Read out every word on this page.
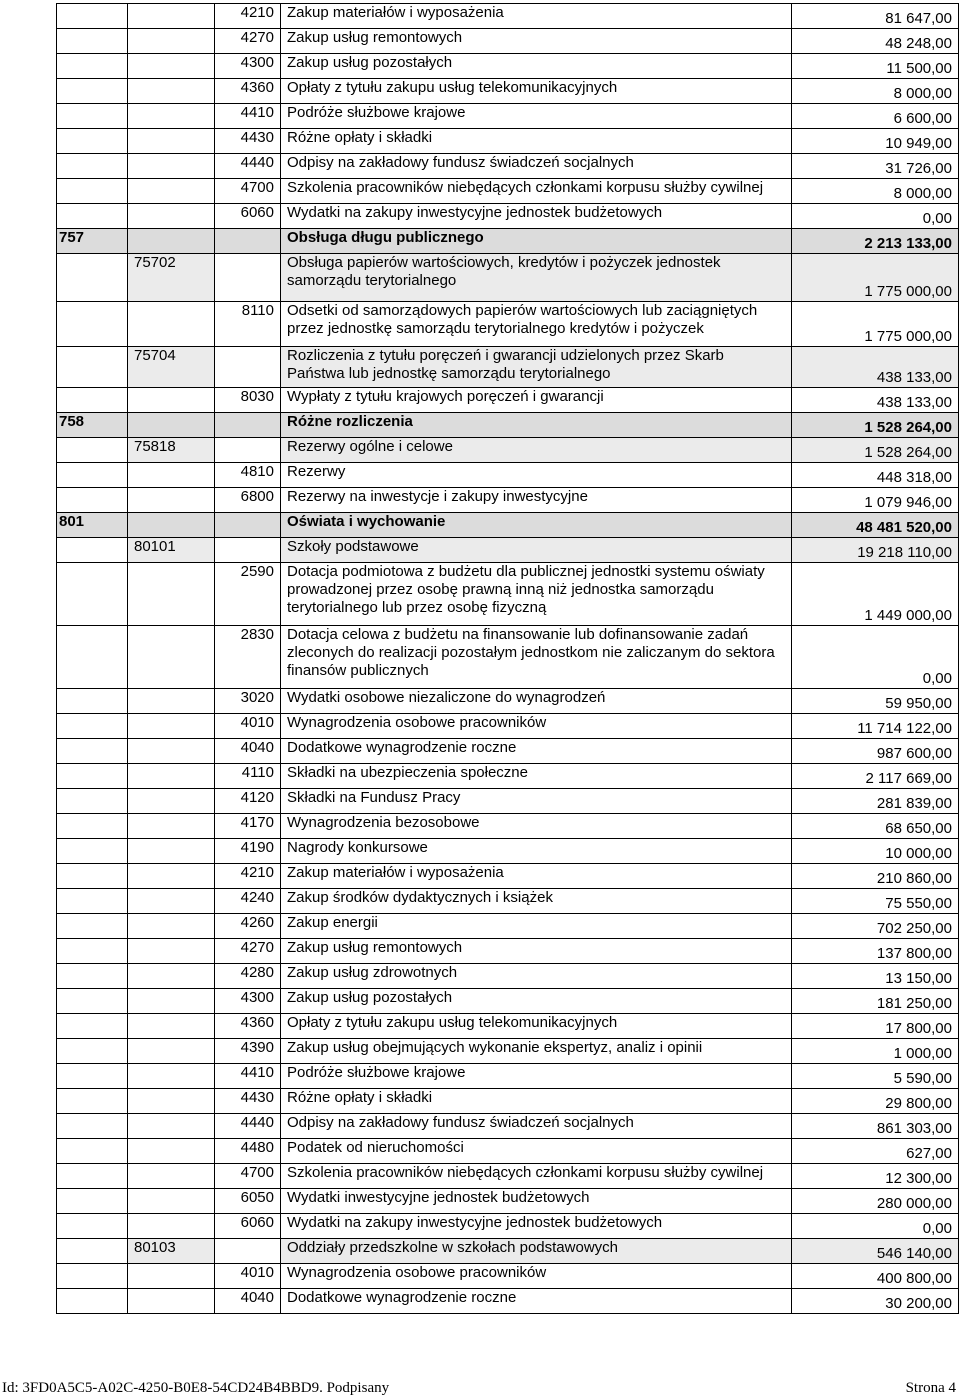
		4210	Zakup materiałów i wyposażenia	81 647,00
		4270	Zakup usług remontowych	48 248,00
		4300	Zakup usług pozostałych	11 500,00
		4360	Opłaty z tytułu zakupu usług telekomunikacyjnych	8 000,00
		4410	Podróże służbowe krajowe	6 600,00
		4430	Różne opłaty i składki	10 949,00
		4440	Odpisy na zakładowy fundusz świadczeń socjalnych	31 726,00
		4700	Szkolenia pracowników niebędących członkami korpusu służby cywilnej	8 000,00
		6060	Wydatki na zakupy inwestycyjne jednostek budżetowych	0,00
757			Obsługa długu publicznego	2 213 133,00
	75702		Obsługa papierów wartościowych, kredytów i pożyczek jednostek samorządu terytorialnego	1 775 000,00
		8110	Odsetki od samorządowych papierów wartościowych lub zaciągniętych przez jednostkę samorządu terytorialnego kredytów i pożyczek	1 775 000,00
	75704		Rozliczenia z tytułu poręczeń i gwarancji udzielonych przez Skarb Państwa lub jednostkę samorządu terytorialnego	438 133,00
		8030	Wypłaty z tytułu krajowych poręczeń i gwarancji	438 133,00
758			Różne rozliczenia	1 528 264,00
	75818		Rezerwy ogólne i celowe	1 528 264,00
		4810	Rezerwy	448 318,00
		6800	Rezerwy na inwestycje i zakupy inwestycyjne	1 079 946,00
801			Oświata i wychowanie	48 481 520,00
	80101		Szkoły podstawowe	19 218 110,00
		2590	Dotacja podmiotowa z budżetu dla publicznej jednostki systemu oświaty prowadzonej przez osobę prawną inną niż jednostka samorządu terytorialnego lub przez osobę fizyczną	1 449 000,00
		2830	Dotacja celowa z budżetu na finansowanie lub dofinansowanie zadań zleconych do realizacji pozostałym jednostkom nie zaliczanym do sektora finansów publicznych	0,00
		3020	Wydatki osobowe niezaliczone do wynagrodzeń	59 950,00
		4010	Wynagrodzenia osobowe pracowników	11 714 122,00
		4040	Dodatkowe wynagrodzenie roczne	987 600,00
		4110	Składki na ubezpieczenia społeczne	2 117 669,00
		4120	Składki na Fundusz Pracy	281 839,00
		4170	Wynagrodzenia bezosobowe	68 650,00
		4190	Nagrody konkursowe	10 000,00
		4210	Zakup materiałów i wyposażenia	210 860,00
		4240	Zakup środków dydaktycznych i książek	75 550,00
		4260	Zakup energii	702 250,00
		4270	Zakup usług remontowych	137 800,00
		4280	Zakup usług zdrowotnych	13 150,00
		4300	Zakup usług pozostałych	181 250,00
		4360	Opłaty z tytułu zakupu usług telekomunikacyjnych	17 800,00
		4390	Zakup usług obejmujących wykonanie ekspertyz, analiz i opinii	1 000,00
		4410	Podróże służbowe krajowe	5 590,00
		4430	Różne opłaty i składki	29 800,00
		4440	Odpisy na zakładowy fundusz świadczeń socjalnych	861 303,00
		4480	Podatek od nieruchomości	627,00
		4700	Szkolenia pracowników niebędących członkami korpusu służby cywilnej	12 300,00
		6050	Wydatki inwestycyjne jednostek budżetowych	280 000,00
		6060	Wydatki na zakupy inwestycyjne jednostek budżetowych	0,00
	80103		Oddziały przedszkolne w szkołach podstawowych	546 140,00
		4010	Wynagrodzenia osobowe pracowników	400 800,00
		4040	Dodatkowe wynagrodzenie roczne	30 200,00
Id: 3FD0A5C5-A02C-4250-B0E8-54CD24B4BBD9. Podpisany	Strona 4
